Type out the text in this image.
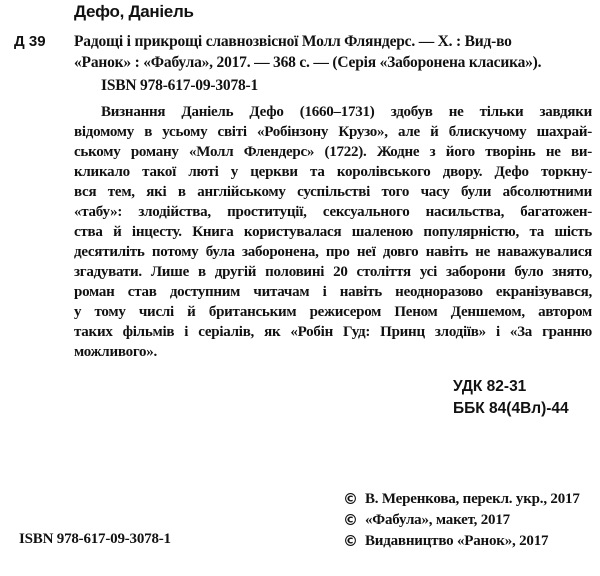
Дефо, Даніель
Д 39 Радощі і прикрощі славнозвісної Молл Фляндерс. — Х. : Вид-во
«Ранок» : «Фабула», 2017. — 368 с. — (Серія «Заборонена класика»).
ISBN 978-617-09-3078-1
Визнання Даніель Дефо (1660–1731) здобув не тільки завдяки
відомому в усьому світі «Робінзону Крузо», але й блискучому шахрай-
ському роману «Молл Флендерс» (1722). Жодне з його творінь не ви-
кликало такої люті у церкви та королівського двору. Дефо торкну-
вся тем, які в англійському суспільстві того часу були абсолютними
«табу»: злодійства, проституції, сексуального насильства, багатожен-
ства й інцесту. Книга користувалася шаленою популярністю, та шість
десятиліть потому була заборонена, про неї довго навіть не наважувалися
згадувати. Лише в другій половині 20 століття усі заборони було знято,
роман став доступним читачам і навіть неодноразово екранізувався,
у тому числі й британським режисером Пеном Деншемом, автором
таких фільмів і серіалів, як «Робін Гуд: Принц злодіїв» і «За гранню
можливого».
УДК 82-31
ББК 84(4Вл)-44
© В. Меренкова, перекл. укр., 2017
© «Фабула», макет, 2017
© Видавництво «Ранок», 2017
ISBN 978-617-09-3078-1
